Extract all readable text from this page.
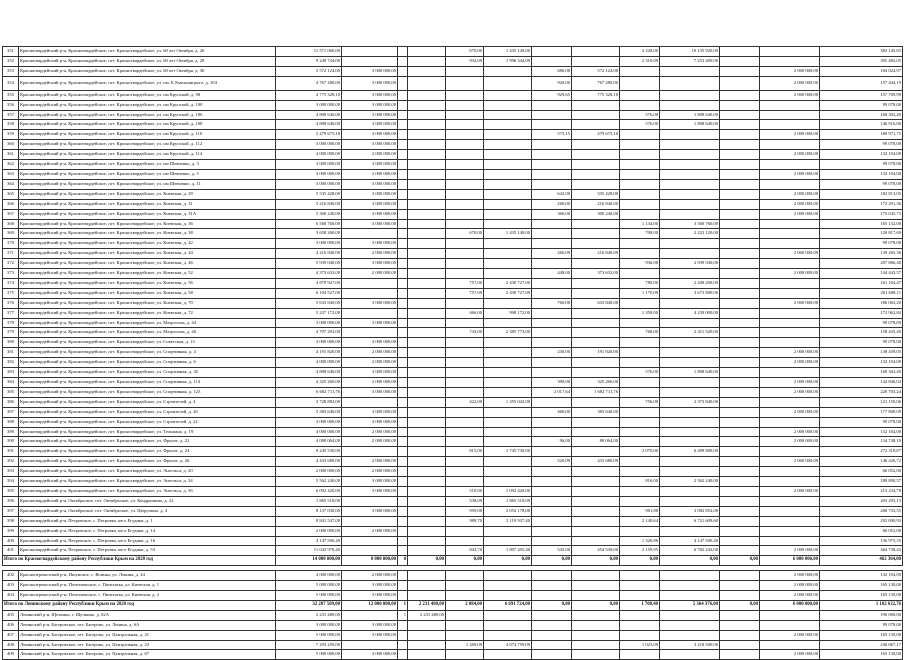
351	Красногвардейский р-н, Красногвардейское, пгт. Красногвардейское, ул. 60 лет Октября, д. 26	11 571 060,00				670,00	1 435 140,00			3 228,00	10 135 920,00			382 145,83
352	Красногвардейский р-н, Красногвардейское, пгт. Красногвардейское, ул. 60 лет Октября, д. 28	9 249 744,00				932,00	1 996 344,00			2 310,00	7 253 400,00			305 482,05
353	Красногвардейский р-н, Красногвардейское, пгт. Красногвардейское, ул. 60 лет Октября, д. 30	5 572 124,00	3 000 000,00					686,00	572 124,00				2 000 000,00	184 024,97
354	Красногвардейский р-н, Красногвардейское, пгт. Красногвардейское, ул. им. Б.Хмельницкого, д. 104	4 767 280,00	3 000 000,00					920,00	767 280,00				2 000 000,00	157 444,19
355	Красногвардейский р-н, Красногвардейское, пгт. Красногвардейское, ул. им Крупской, д. 98	4 775 328,10	3 000 000,00					929,65	775 328,10				2 000 000,00	157 709,99
356	Красногвардейский р-н, Красногвардейское, пгт. Красногвардейское, ул. им Крупской, д. 100	3 000 000,00	3 000 000,00											99 078,00
357	Красногвардейский р-н, Красногвардейское, пгт. Красногвардейское, ул. им Крупской, д. 106	4 808 640,00	3 000 000,00							576,00	1 808 640,00			168 302,40
358	Красногвардейский р-н, Красногвардейское, пгт. Красногвардейское, ул. им Крупской, д. 108	4 808 640,00	3 000 000,00							576,00	1 808 640,00			146 916,00
359	Красногвардейский р-н, Красногвардейское, пгт. Красногвардейское, ул. им Крупской, д. 110	5 479 675,10	3 000 000,00					575,15	479 675,10				2 000 000,00	180 971,75
360	Красногвардейский р-н, Красногвардейское, пгт. Красногвардейское, ул. им Крупской, д. 112	3 000 000,00	3 000 000,00											99 078,00
361	Красногвардейский р-н, Красногвардейское, пгт. Красногвардейское, ул. им Крупской, д. 114	4 000 000,00	2 000 000,00										2 000 000,00	132 104,00
362	Красногвардейский р-н, Красногвардейское, пгт. Красногвардейское, ул. им Шевченко, д. 3	3 000 000,00	3 000 000,00											99 078,00
363	Красногвардейский р-н, Красногвардейское, пгт. Красногвардейское, ул. им Шевченко, д. 5	4 000 000,00	2 000 000,00										2 000 000,00	132 104,00
364	Красногвардейский р-н, Красногвардейское, пгт. Красногвардейское, ул. им Шевченко, д. 11	3 000 000,00	3 000 000,00											99 078,00
365	Красногвардейский р-н, Красногвардейское, пгт. Красногвардейское, ул. Киевская, д. 29	5 535 428,00	3 000 000,00					642,00	535 428,00				2 000 000,00	182 813,05
366	Красногвардейский р-н, Красногвардейское, пгт. Красногвардейское, ул. Киевская, д. 31	5 216 840,00	3 000 000,00					260,00	216 840,00				2 000 000,00	172 291,36
367	Красногвардейский р-н, Красногвардейское, пгт. Красногвардейское, ул. Киевская, д. 31А	5 300 240,00	3 000 000,00					360,00	300 240,00				2 000 000,00	175 045,73
368	Красногвардейский р-н, Красногвардейское, пгт. Красногвардейское, ул. Киевская, д. 36	6 560 760,00	3 000 000,00							1 134,00	3 560 760,00			165 132,00
369	Красногвардейский р-н, Красногвардейское, пгт. Красногвардейское, ул. Киевская, д. 38	3 658 260,00				670,00	1 435 140,00			708,00	2 223 120,00			120 817,69
370	Красногвардейский р-н, Красногвардейское, пгт. Красногвардейское, ул. Киевская, д. 42	3 000 000,00	3 000 000,00											99 078,00
371	Красногвардейский р-н, Красногвардейское, пгт. Красногвардейское, ул. Киевская, д. 44	4 216 840,00	2 000 000,00					260,00	216 840,00				2 000 000,00	139 265,36
372	Красногвардейский р-н, Красногвардейское, пгт. Красногвардейское, ул. Киевская, д. 46	5 939 040,00	3 000 000,00							936,00	2 939 040,00			207 866,40
373	Красногвардейский р-н, Красногвардейское, пгт. Красногвардейское, ул. Киевская, д. 52	4 373 632,00	2 000 000,00					448,00	373 632,00				2 000 000,00	144 443,57
374	Красногвардейский р-н, Красногвардейское, пгт. Красногвардейское, ул. Киевская, д. 56	4 879 927,00				757,00	2 430 727,00			780,00	2 449 200,00			161 164,47
375	Красногвардейский р-н, Красногвардейское, пгт. Красногвардейское, ул. Киевская, д. 58	6 104 527,00				757,00	2 430 727,00			1 170,00	3 673 800,00			201 608,11
376	Красногвардейский р-н, Красногвардейское, пгт. Красногвардейское, ул. Киевская, д. 70	5 633 840,00	3 000 000,00					760,00	633 840,00				2 000 000,00	186 063,20
377	Красногвардейский р-н, Красногвардейское, пгт. Красногвардейское, ул. Киевская, д. 72	5 237 172,00				466,00	998 172,00			1 350,00	4 239 000,00			172 962,84
378	Красногвардейский р-н, Красногвардейское, пгт. Красногвардейское, ул. Матросова, д. 44	3 000 000,00	3 000 000,00											99 078,00
379	Красногвардейский р-н, Красногвардейское, пгт. Красногвардейское, ул. Матросова, д. 46	4 797 293,00				743,00	2 385 773,00			768,00	2 411 520,00			158 435,40
380	Красногвардейский р-н, Красногвардейское, пгт. Красногвардейское, ул. Советская, д. 13	3 000 000,00	3 000 000,00											99 078,00
381	Красногвардейский р-н, Красногвардейское, пгт. Красногвардейское, ул. Спортивная, д. 4	4 191 820,00	2 000 000,00					230,00	191 820,00				2 000 000,00	138 439,05
382	Красногвардейский р-н, Красногвардейское, пгт. Красногвардейское, ул. Спортивная, д. 6	4 000 000,00	2 000 000,00										2 000 000,00	132 104,00
383	Красногвардейский р-н, Красногвардейское, пгт. Красногвардейское, ул. Спортивная, д. 45	4 808 640,00	3 000 000,00							576,00	1 808 640,00			168 302,40
384	Красногвардейский р-н, Красногвардейское, пгт. Красногвардейское, ул. Спортивная, д. 114	4 325 260,00	2 000 000,00					390,00	325 260,00				2 000 000,00	142 846,04
385	Красногвардейский р-н, Красногвардейское, пгт. Красногвардейское, ул. Спортивная, д. 123	6 682 711,76	3 000 000,00					2 017,64	1 682 711,76				2 000 000,00	220 703,24
386	Красногвардейский р-н, Красногвардейское, пгт. Красногвардейское, ул. Строителей, д. 4	3 728 882,00				422,00	1 355 042,00			756,00	2 373 840,00			121 150,06
387	Красногвардейский р-н, Красногвардейское, пгт. Красногвардейское, ул. Строителей, д. 20	5 383 640,00	3 000 000,00					460,00	383 640,00				2 000 000,00	177 800,09
388	Красногвардейский р-н, Красногвардейское, пгт. Красногвардейское, ул. Строителей, д. 22	3 000 000,00	3 000 000,00											99 078,00
389	Красногвардейский р-н, Красногвардейское, пгт. Красногвардейское, ул. Тельмана, д. 19	4 000 000,00	2 000 000,00										2 000 000,00	132 104,00
390	Красногвардейский р-н, Красногвардейское, пгт. Красногвардейское, ул. Фрунзе, д. 22	4 080 064,00	2 000 000,00					96,00	80 064,00				2 000 000,00	134 748,19
391	Красногвардейский р-н, Красногвардейское, пгт. Красногвардейское, ул. Фрунзе, д. 24	8 245 530,00				815,00	1 745 730,00			2 070,00	6 499 800,00			272 318,87
392	Красногвардейский р-н, Красногвардейское, пгт. Красногвардейское, ул. Фрунзе, д. 26	4 433 680,00	2 000 000,00					520,00	433 680,00				2 000 000,00	146 426,72
393	Красногвардейский р-н, Красногвардейское, пгт. Красногвардейское, ул. Энгельса, д. 20	2 000 000,00	2 000 000,00											66 052,00
394	Красногвардейский р-н, Красногвардейское, пгт. Красногвардейское, ул. Энгельса, д. 34	5 562 240,00	3 000 000,00							816,00	2 562 240,00			189 890,57
395	Красногвардейский р-н, Красногвардейское, пгт. Красногвардейское, ул. Энгельса, д. 36	6 092 420,00	3 000 000,00			510,00	1 092 420,00						2 000 000,00	213 234,70
396	Красногвардейский р-н, Октябрьское, пгт. Октябрьское, ул. Кондрашина, д. 22	1 865 518,00				538,00	1 865 518,00							203 293,13
397	Красногвардейский р-н, Октябрьское, пгт. Октябрьское, ул. Цюрупина, д. 4	8 137 030,00	3 000 000,00			959,00	2 054 178,00			981,80	3 082 852,00			268 733,55
398	Красногвардейский р-н, Петровское, с. Петровка, кв-л Егудина, д. 1	8 841 547,00				989,70	2 119 937,40			2 140,64	6 721 609,60			292 000,93
399	Красногвардейский р-н, Петровское, с. Петровка, кв-л Егудина, д. 14	2 000 000,00	2 000 000,00											66 052,00
400	Красногвардейский р-н, Петровское, с. Петровка, кв-л Егудина, д. 16	4 147 500,40								1 320,86	4 147 500,40			136 975,35
401	Красногвардейский р-н, Петровское, с. Петровка, кв-л Егудина, д. 53	11 043 978,40				843,70	1 807 205,40	545,00	454 530,00	2 159,95	6 782 243,00		2 000 000,00	364 738,43
Итого по Красногвардейскому району Республики Крым на 2020 год		14 000 000,00	8 000 000,00	0	0,00	0,00	0,00	0,00	0,00	0,00	0,00	0,00	6 000 000,00	462 364,00

402	Красноперекопский р-н, Ишунское, с. Воинка, ул. Ленина, д. 44	4 000 000,00	2 000 000,00										2 000 000,00	132 104,00
403	Красноперекопский р-н, Почетненское, с. Пятихатка, ул. Киевская, д. 1	5 000 000,00	3 000 000,00										2 000 000,00	165 130,00
404	Красноперекопский р-н, Почетненское, с. Пятихатка, ул. Киевская, д. 2	5 000 000,00	3 000 000,00										2 000 000,00	165 130,00
Итого по Ленинскому району Республики Крым на 2020 год		32 287 509,00	12 000 000,00	1	2 231 480,00	2 084,00	6 691 724,00	0,00	0,00	1 708,40	5 364 376,00	0,00	6 000 000,00	1 182 632,76
405	Ленинский р-н, Щелкино, г. Щелкино, д. 82А	2 231 480,00		1	2 231 480,00									190 000,00
406	Ленинский р-н, Багеровское, пгт. Багерово, ул. Ленина, д. 6А	3 000 000,00	3 000 000,00											99 078,00
407	Ленинский р-н, Багеровское, пгт. Багерово, ул. Центральная, д. 21	5 000 000,00	3 000 000,00										2 000 000,00	165 130,00
408	Ленинский р-н, Багеровское, пгт. Багерово, ул. Центральная, д. 23	7 293 259,00				1 269,00	4 074 759,00			1 025,00	3 218 500,00			240 867,17
409	Ленинский р-н, Багеровское, пгт. Багерово, ул. Центральная, д. 67	5 000 000,00	3 000 000,00										2 000 000,00	165 130,00
